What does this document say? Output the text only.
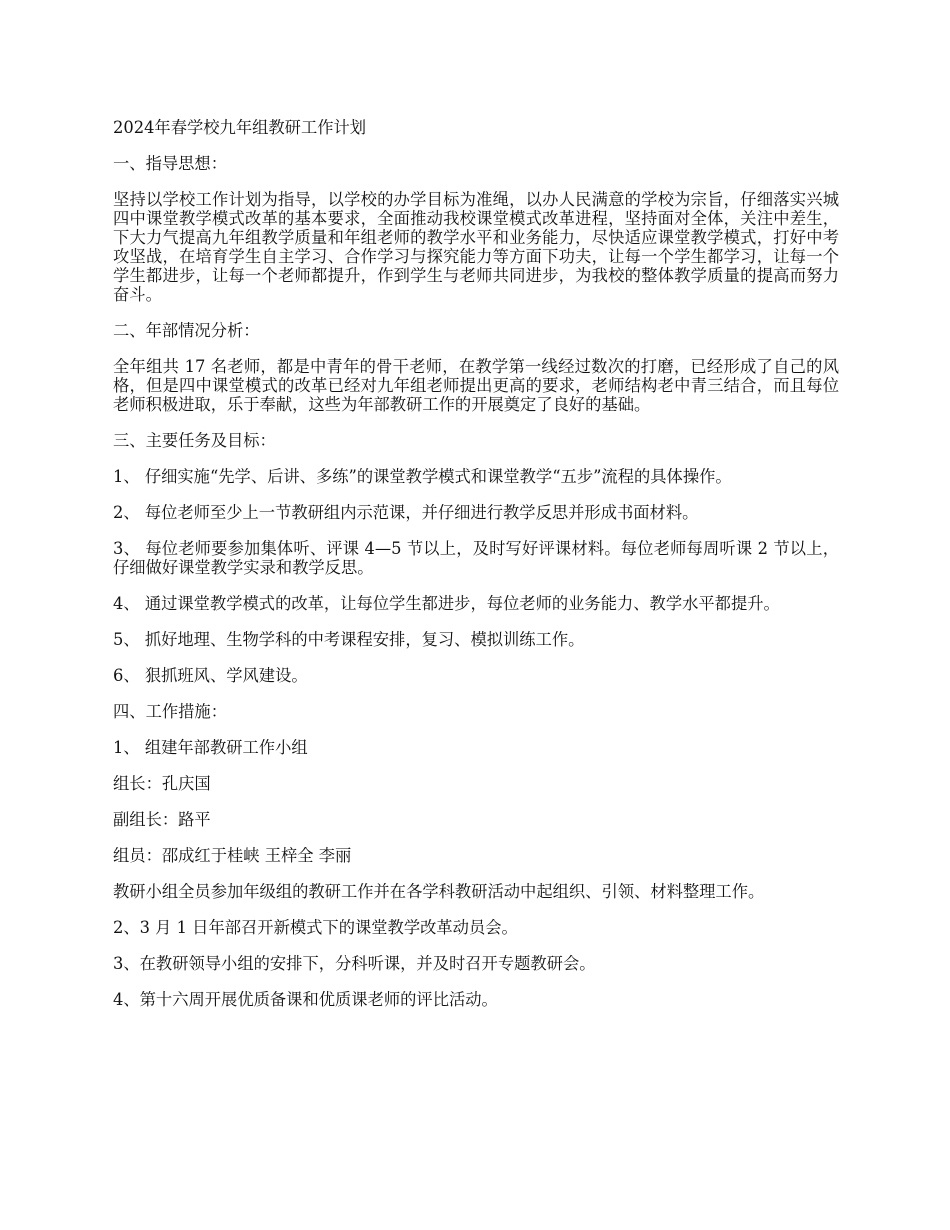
2024年春学校九年组教研工作计划

一、指导思想：

坚持以学校工作计划为指导，以学校的办学目标为准绳，以办人民满意的学校为宗旨，仔细落实兴城四中课堂教学模式改革的基本要求，全面推动我校课堂模式改革进程，坚持面对全体，关注中差生，下大力气提高九年组教学质量和年组老师的教学水平和业务能力，尽快适应课堂教学模式，打好中考攻坚战，在培育学生自主学习、合作学习与探究能力等方面下功夫，让每一个学生都学习，让每一个学生都进步，让每一个老师都提升，作到学生与老师共同进步，为我校的整体教学质量的提高而努力奋斗。

二、年部情况分析：

全年组共 17 名老师，都是中青年的骨干老师，在教学第一线经过数次的打磨，已经形成了自己的风格，但是四中课堂模式的改革已经对九年组老师提出更高的要求，老师结构老中青三结合，而且每位老师积极进取，乐于奉献，这些为年部教研工作的开展奠定了良好的基础。

三、主要任务及目标：

1、 仔细实施“先学、后讲、多练”的课堂教学模式和课堂教学“五步”流程的具体操作。

2、 每位老师至少上一节教研组内示范课，并仔细进行教学反思并形成书面材料。

3、 每位老师要参加集体听、评课 4—5 节以上，及时写好评课材料。每位老师每周听课 2 节以上，仔细做好课堂教学实录和教学反思。

4、 通过课堂教学模式的改革，让每位学生都进步，每位老师的业务能力、教学水平都提升。

5、 抓好地理、生物学科的中考课程安排，复习、模拟训练工作。

6、 狠抓班风、学风建设。

四、工作措施：

1、 组建年部教研工作小组

组长：孔庆国

副组长：路平

组员：邵成红于桂峡 王梓全 李丽

教研小组全员参加年级组的教研工作并在各学科教研活动中起组织、引领、材料整理工作。

2、3 月 1 日年部召开新模式下的课堂教学改革动员会。

3、在教研领导小组的安排下，分科听课，并及时召开专题教研会。

4、第十六周开展优质备课和优质课老师的评比活动。
